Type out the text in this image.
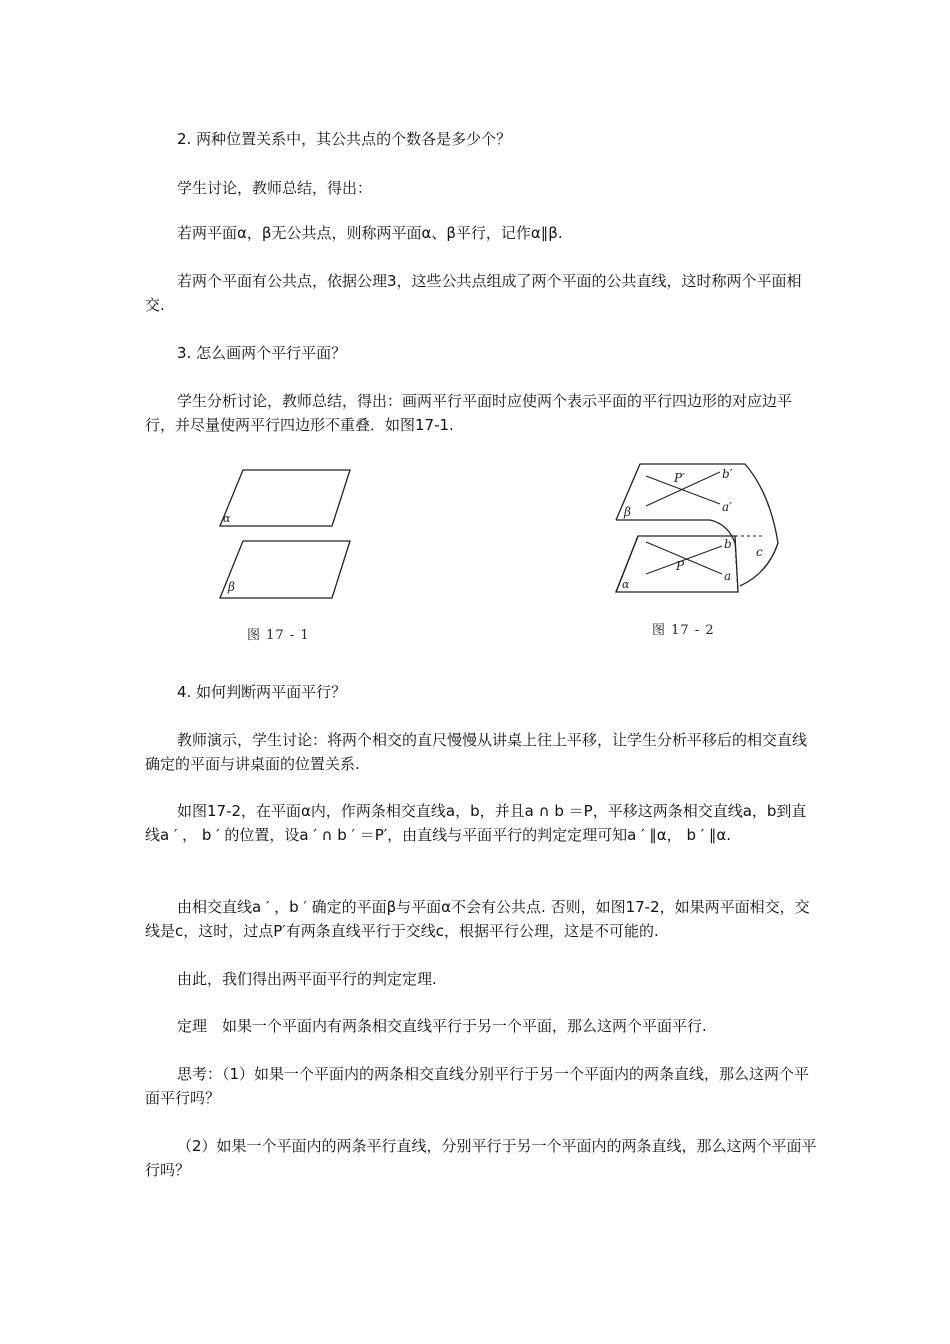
2. 两种位置关系中，其公共点的个数各是多少个？

学生讨论，教师总结，得出：

若两平面α，β无公共点，则称两平面α、β平行，记作α∥β.

若两个平面有公共点，依据公理3，这些公共点组成了两个平面的公共直线，这时称两个平面相交.

3. 怎么画两个平行平面？

学生分析讨论，教师总结，得出：画两平行平面时应使两个表示平面的平行四边形的对应边平行，并尽量使两平行四边形不重叠．如图17-1.

α
β
图 17 - 1
P′	b′
a′
β
P
b
a
α
c
图 17 - 2

4. 如何判断两平面平行？

教师演示，学生讨论：将两个相交的直尺慢慢从讲桌上往上平移，让学生分析平移后的相交直线确定的平面与讲桌面的位置关系.

如图17-2，在平面α内，作两条相交直线a，b，并且a ∩ b ＝P，平移这两条相交直线a，b到直线a ′ ， b ′ 的位置，设a ′ ∩ b ′ ＝P′，由直线与平面平行的判定定理可知a ′ ∥α， b ′ ∥α.

由相交直线a ′ ，b ′ 确定的平面β与平面α不会有公共点. 否则，如图17-2，如果两平面相交，交线是c，这时，过点P′有两条直线平行于交线c，根据平行公理，这是不可能的.

由此，我们得出两平面平行的判定定理.

定理　如果一个平面内有两条相交直线平行于另一个平面，那么这两个平面平行.

思考：（1）如果一个平面内的两条相交直线分别平行于另一个平面内的两条直线，那么这两个平面平行吗？

（2）如果一个平面内的两条平行直线，分别平行于另一个平面内的两条直线，那么这两个平面平行吗？
